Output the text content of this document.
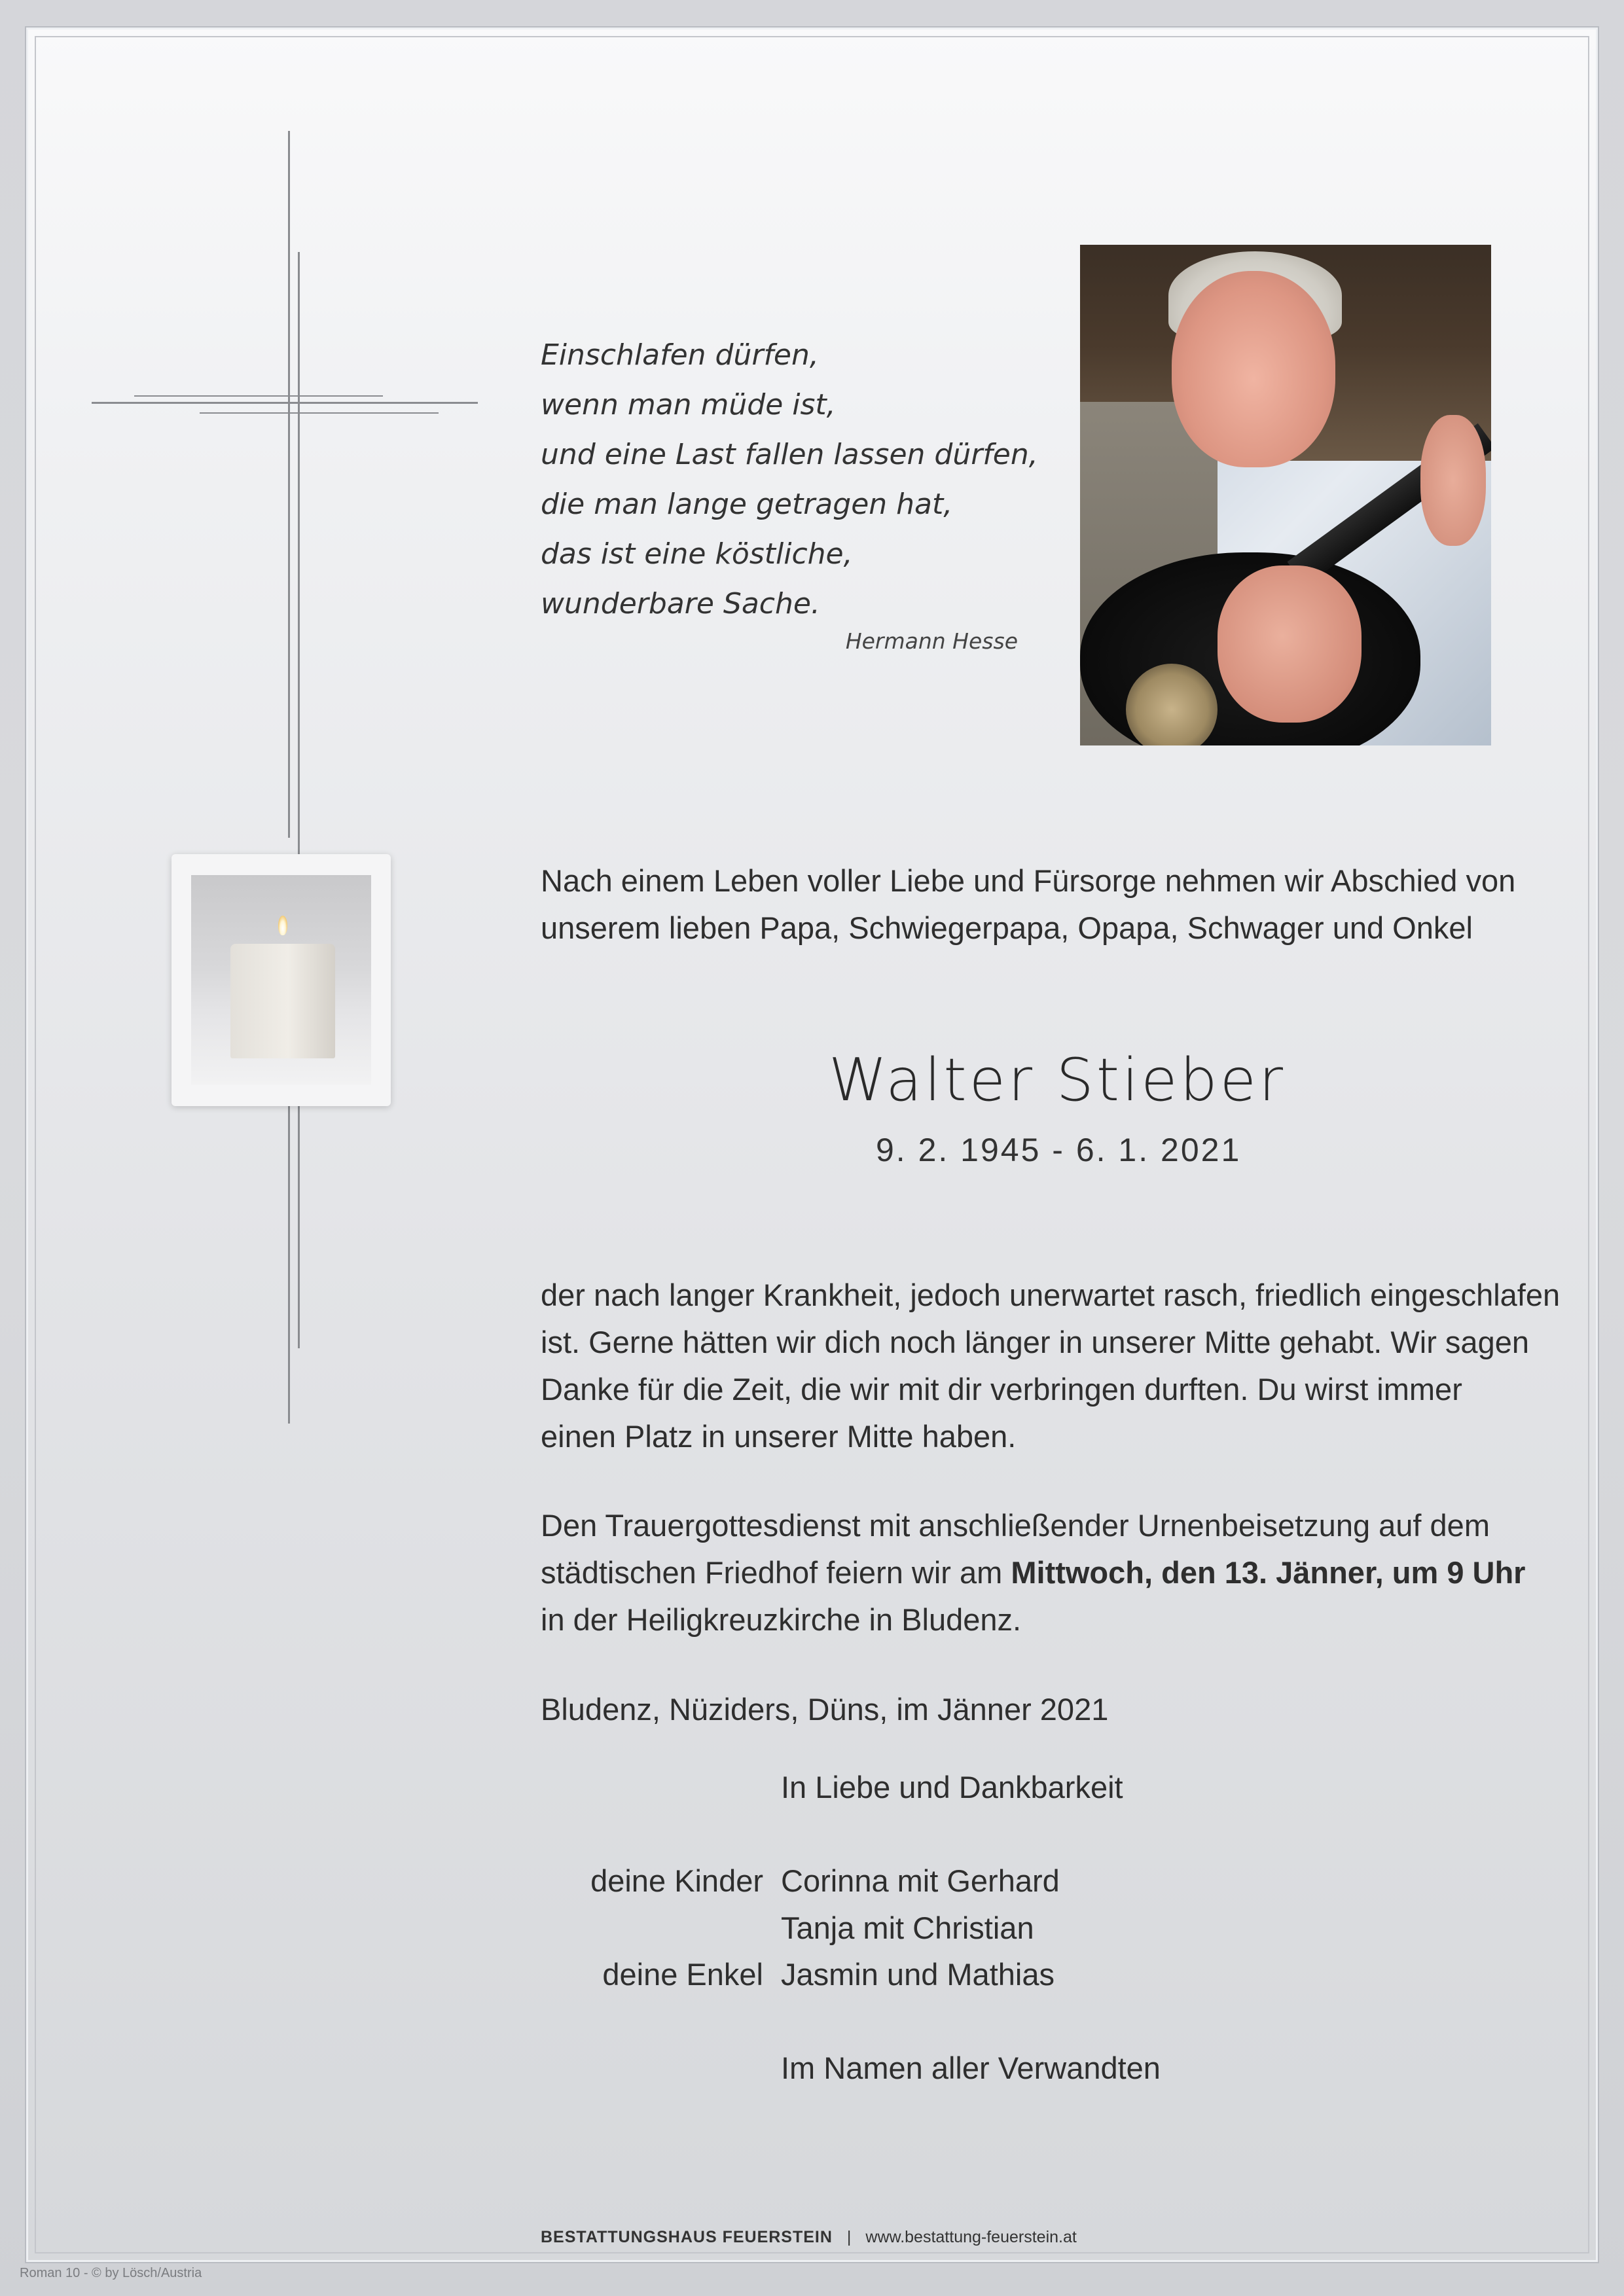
Einschlafen dürfen,
wenn man müde ist,
und eine Last fallen lassen dürfen,
die man lange getragen hat,
das ist eine köstliche,
wunderbare Sache.
Hermann Hesse
Nach einem Leben voller Liebe und Fürsorge nehmen wir Abschied von
unserem lieben Papa, Schwiegerpapa, Opapa, Schwager und Onkel
Walter Stieber
9. 2. 1945 - 6. 1. 2021
der nach langer Krankheit, jedoch unerwartet rasch, friedlich eingeschlafen
ist. Gerne hätten wir dich noch länger in unserer Mitte gehabt. Wir sagen
Danke für die Zeit, die wir mit dir verbringen durften. Du wirst immer
einen Platz in unserer Mitte haben.
Den Trauergottesdienst mit anschließender Urnenbeisetzung auf dem
städtischen Friedhof feiern wir am Mittwoch, den 13. Jänner, um 9 Uhr
in der Heiligkreuzkirche in Bludenz.
Bludenz, Nüziders, Düns, im Jänner 2021
In Liebe und Dankbarkeit
deine Kinder Corinna mit Gerhard
Tanja mit Christian
deine Enkel Jasmin und Mathias
Im Namen aller Verwandten
BESTATTUNGSHAUS FEUERSTEIN | www.bestattung-feuerstein.at
Roman 10 - © by Lösch/Austria
